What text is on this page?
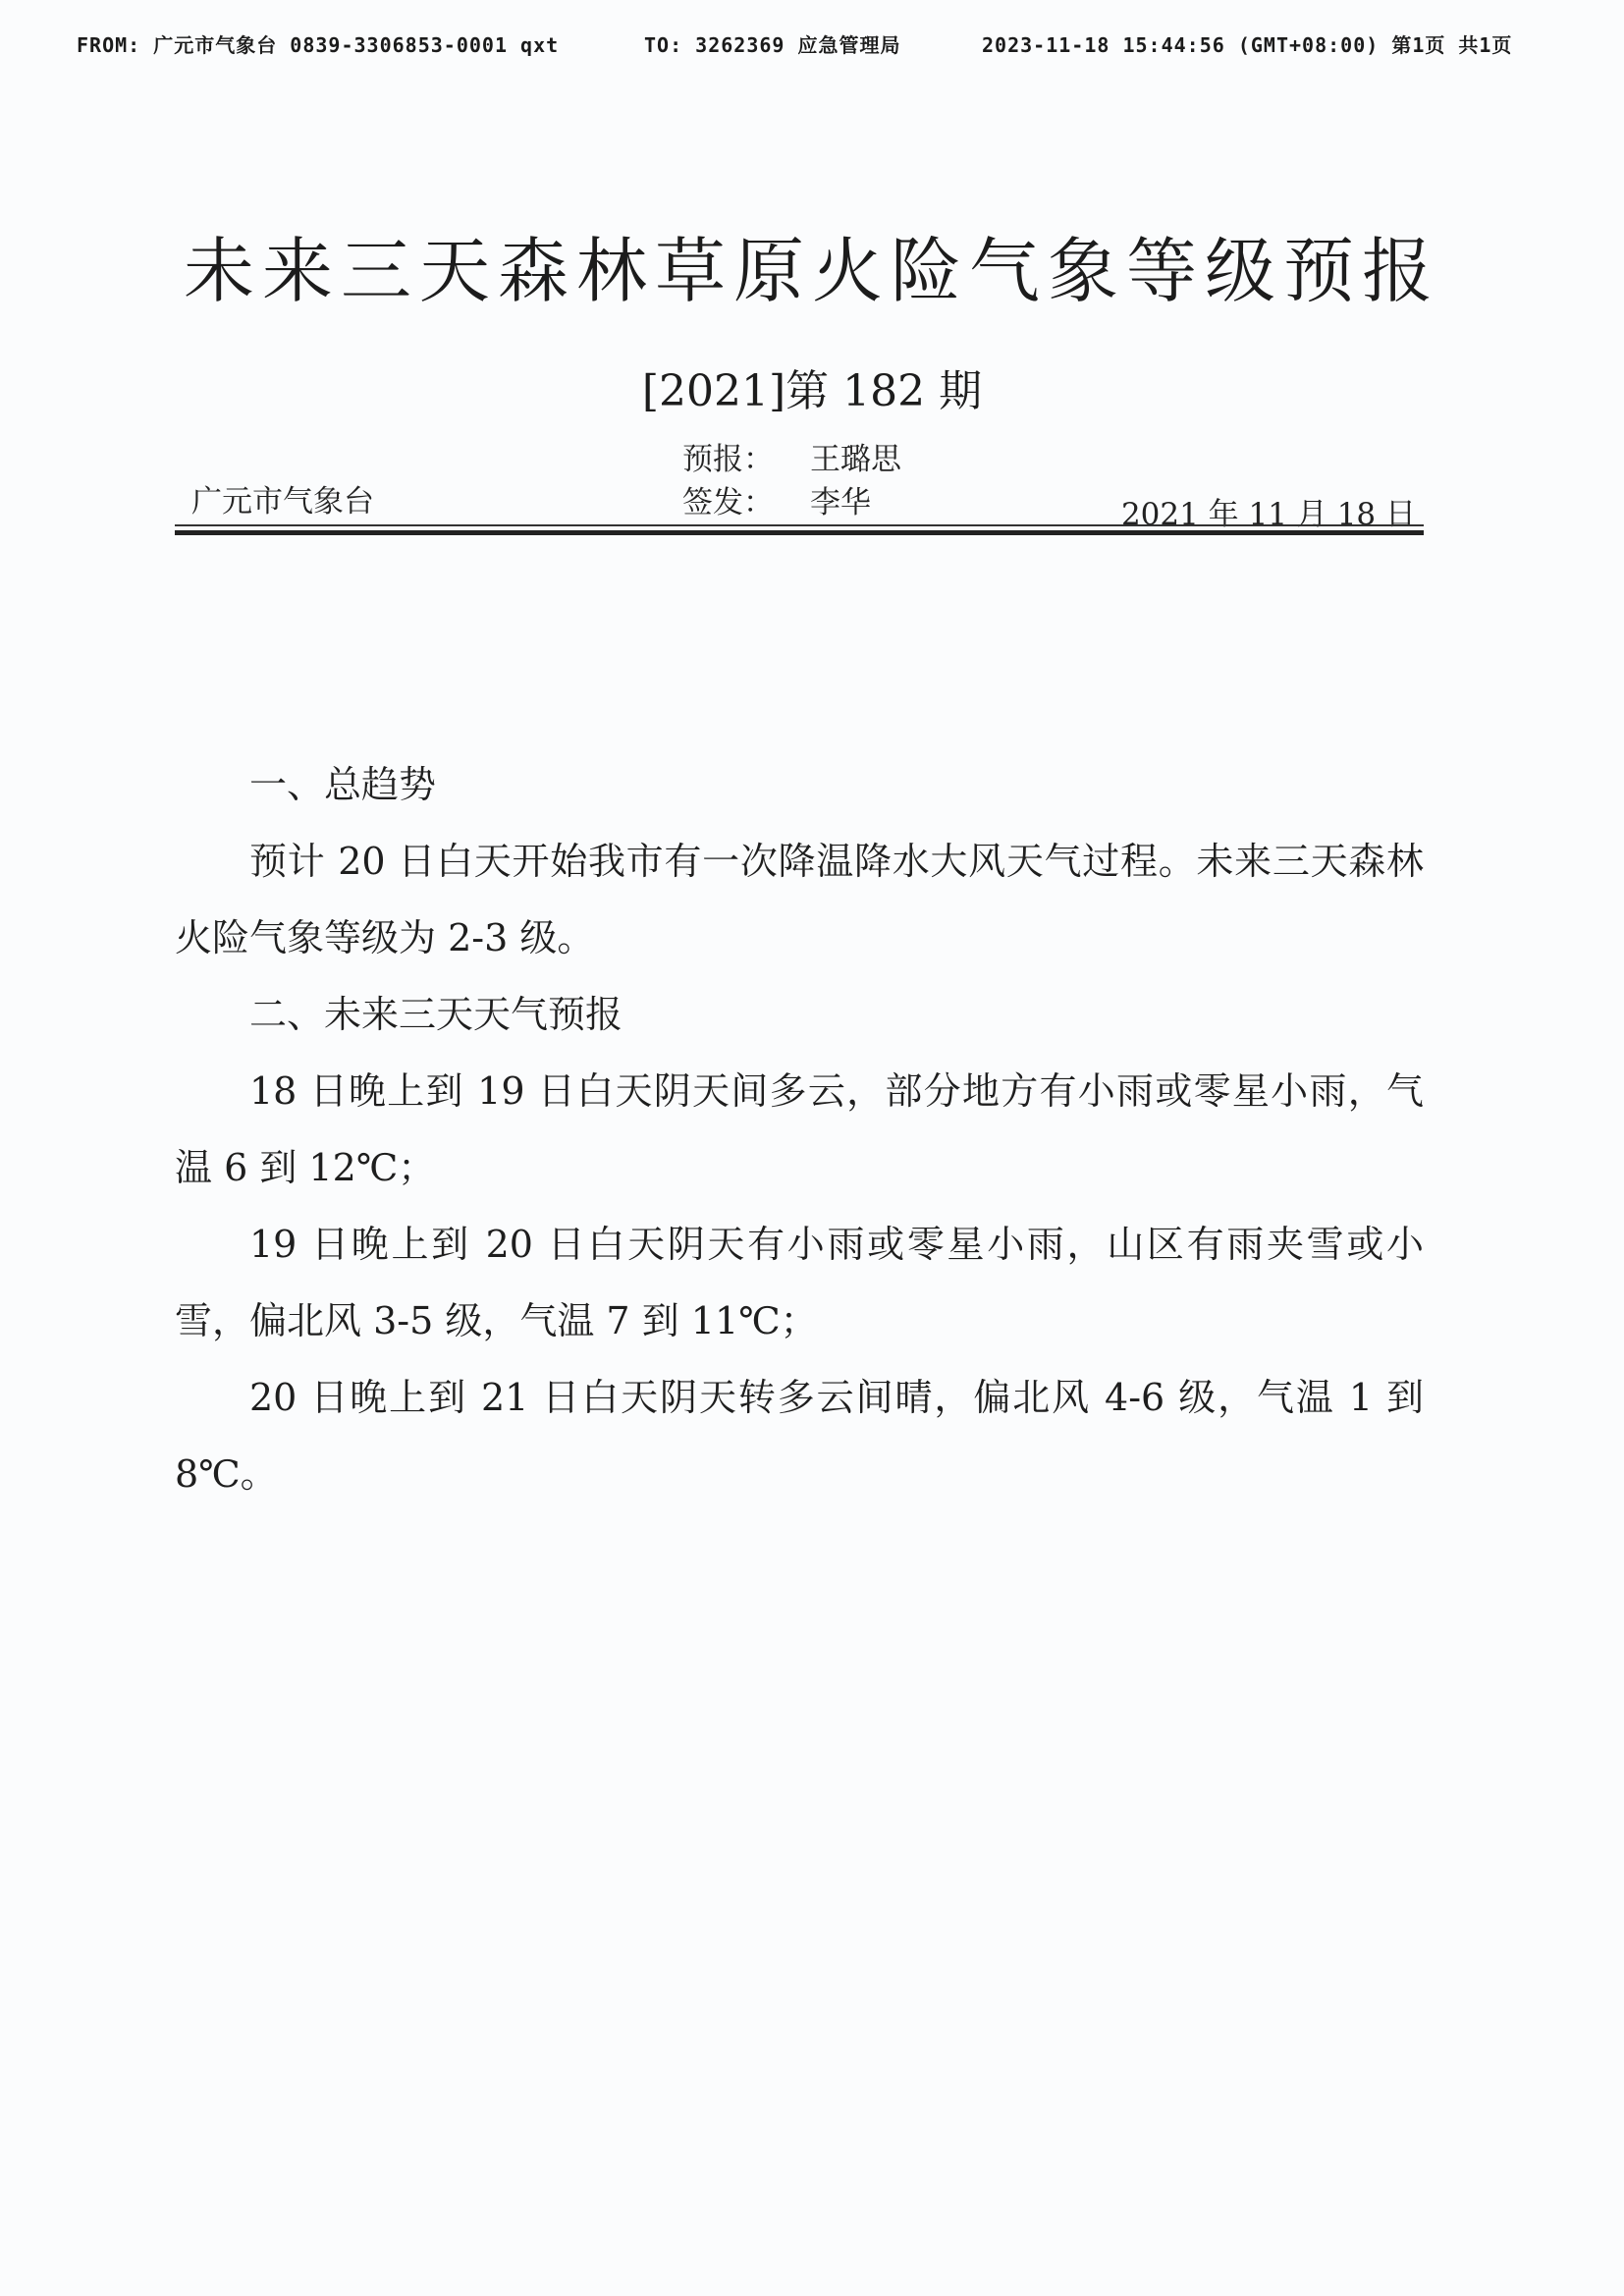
FROM: 广元市气象台 0839-3306853-0001 qxt	TO: 3262369 应急管理局	2023-11-18 15:44:56 (GMT+08:00) 第1页 共1页
未来三天森林草原火险气象等级预报
[2021]第 182 期
广元市气象台
预报： 王璐思
签发： 李华	2021 年 11 月 18 日

一、总趋势

预计 20 日白天开始我市有一次降温降水大风天气过程。未来三天森林火险气象等级为 2-3 级。

二、未来三天天气预报

18 日晚上到 19 日白天阴天间多云，部分地方有小雨或零星小雨，气温 6 到 12℃；

19 日晚上到 20 日白天阴天有小雨或零星小雨，山区有雨夹雪或小雪，偏北风 3-5 级，气温 7 到 11℃；

20 日晚上到 21 日白天阴天转多云间晴，偏北风 4-6 级，气温 1 到 8℃。
